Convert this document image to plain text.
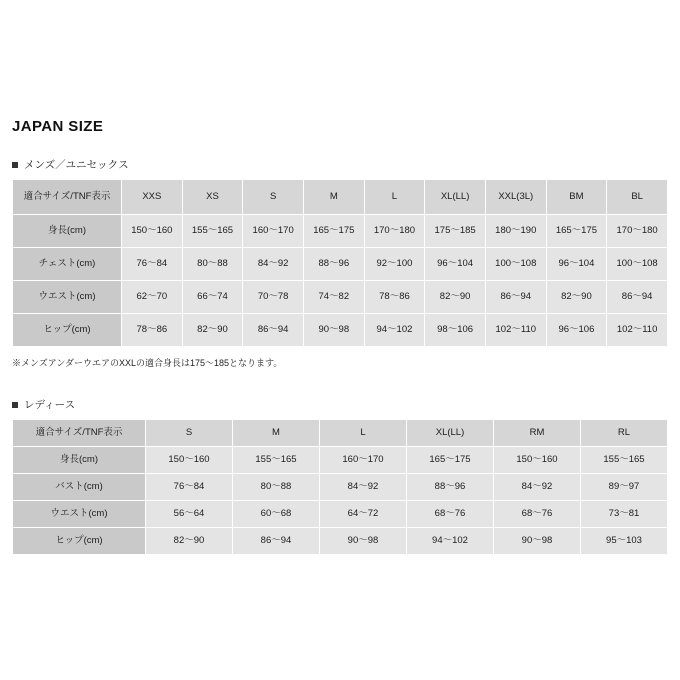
JAPAN SIZE
メンズ／ユニセックス
適合サイズ/TNF表示	XXS	XS	S	M	L	XL(LL)	XXL(3L)	BM	BL
身長(cm)	150〜160	155〜165	160〜170	165〜175	170〜180	175〜185	180〜190	165〜175	170〜180
チェスト(cm)	76〜84	80〜88	84〜92	88〜96	92〜100	96〜104	100〜108	96〜104	100〜108
ウエスト(cm)	62〜70	66〜74	70〜78	74〜82	78〜86	82〜90	86〜94	82〜90	86〜94
ヒップ(cm)	78〜86	82〜90	86〜94	90〜98	94〜102	98〜106	102〜110	96〜106	102〜110

※メンズアンダーウエアのXXLの適合身長は175〜185となります。

レディース
適合サイズ/TNF表示	S	M	L	XL(LL)	RM	RL
身長(cm)	150〜160	155〜165	160〜170	165〜175	150〜160	155〜165
バスト(cm)	76〜84	80〜88	84〜92	88〜96	84〜92	89〜97
ウエスト(cm)	56〜64	60〜68	64〜72	68〜76	68〜76	73〜81
ヒップ(cm)	82〜90	86〜94	90〜98	94〜102	90〜98	95〜103
